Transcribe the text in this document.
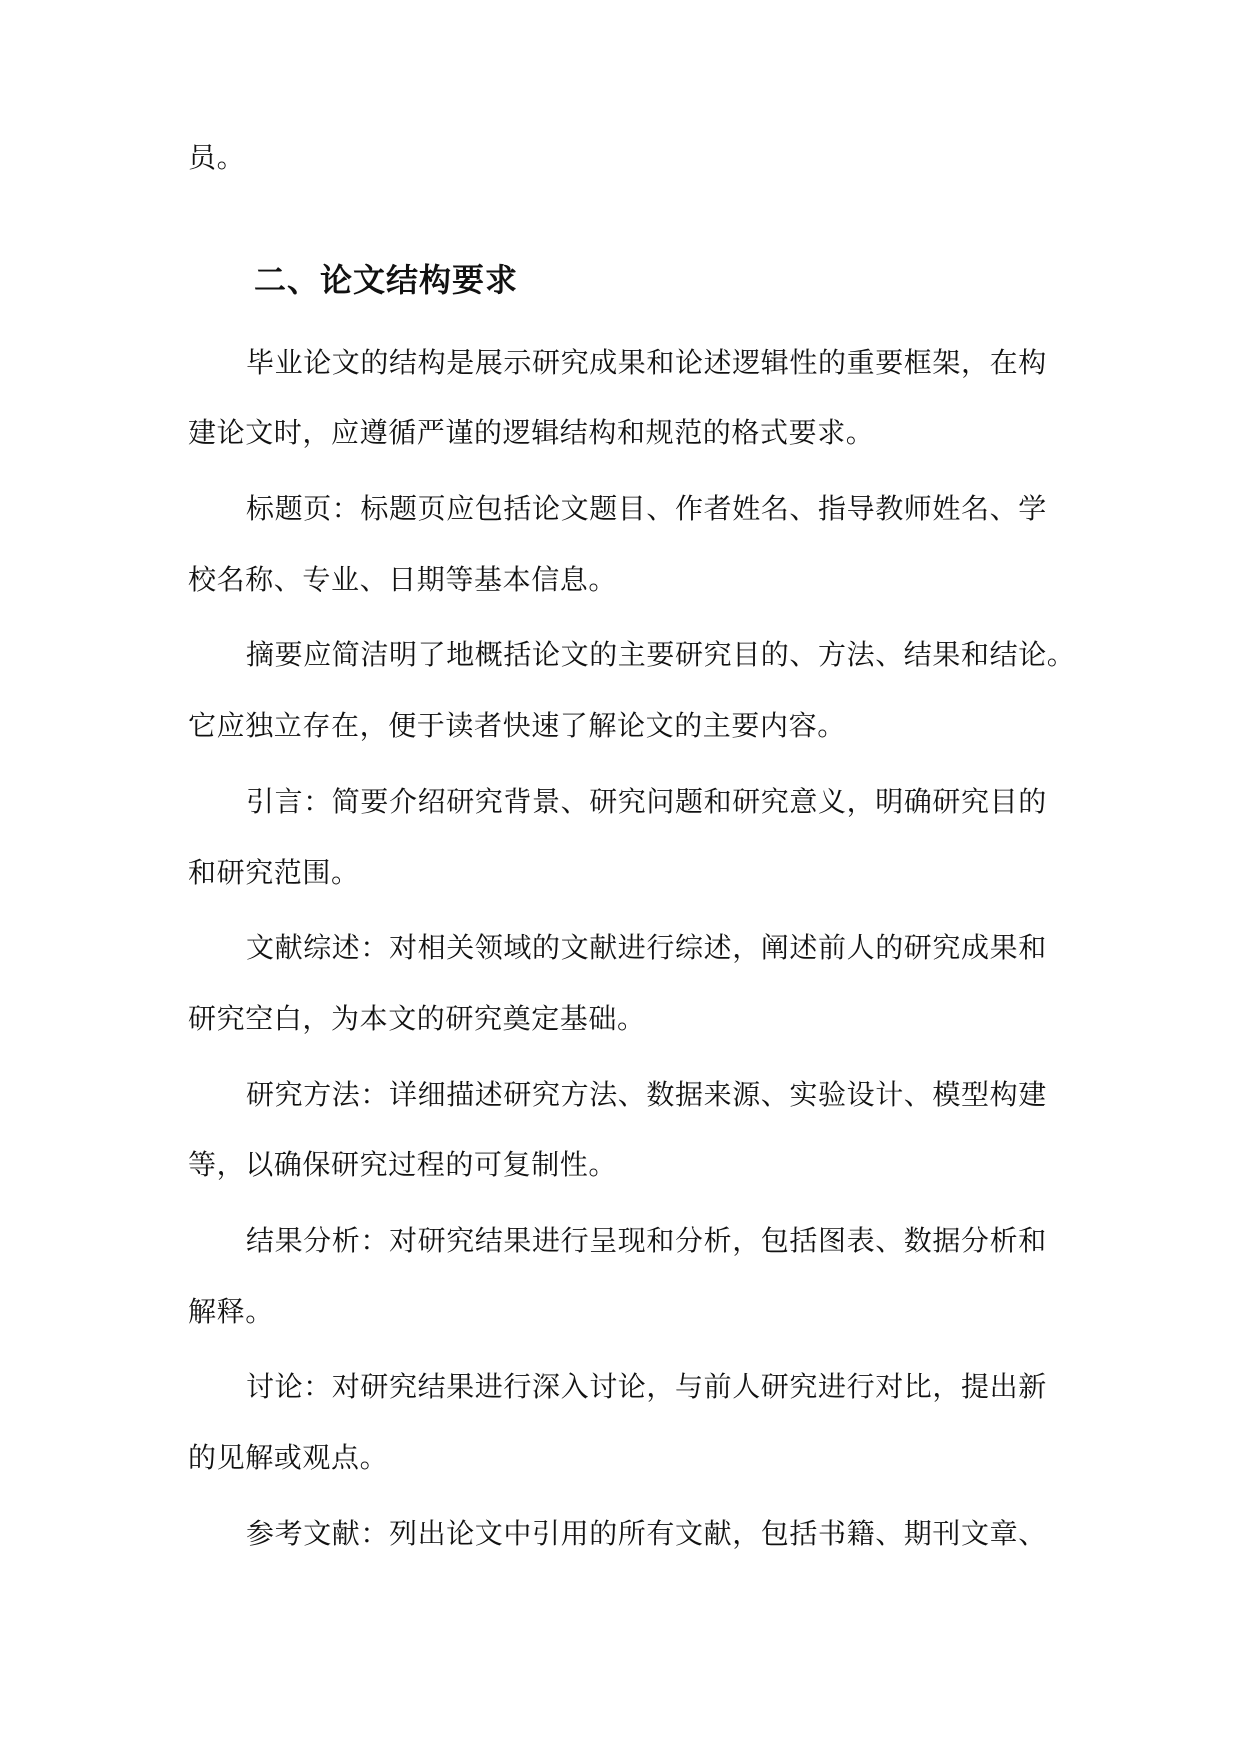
员。
二、论文结构要求
毕业论文的结构是展示研究成果和论述逻辑性的重要框架，在构
建论文时，应遵循严谨的逻辑结构和规范的格式要求。
标题页：标题页应包括论文题目、作者姓名、指导教师姓名、学
校名称、专业、日期等基本信息。
摘要应简洁明了地概括论文的主要研究目的、方法、结果和结论。
它应独立存在，便于读者快速了解论文的主要内容。
引言：简要介绍研究背景、研究问题和研究意义，明确研究目的
和研究范围。
文献综述：对相关领域的文献进行综述，阐述前人的研究成果和
研究空白，为本文的研究奠定基础。
研究方法：详细描述研究方法、数据来源、实验设计、模型构建
等，以确保研究过程的可复制性。
结果分析：对研究结果进行呈现和分析，包括图表、数据分析和
解释。
讨论：对研究结果进行深入讨论，与前人研究进行对比，提出新
的见解或观点。
参考文献：列出论文中引用的所有文献，包括书籍、期刊文章、
